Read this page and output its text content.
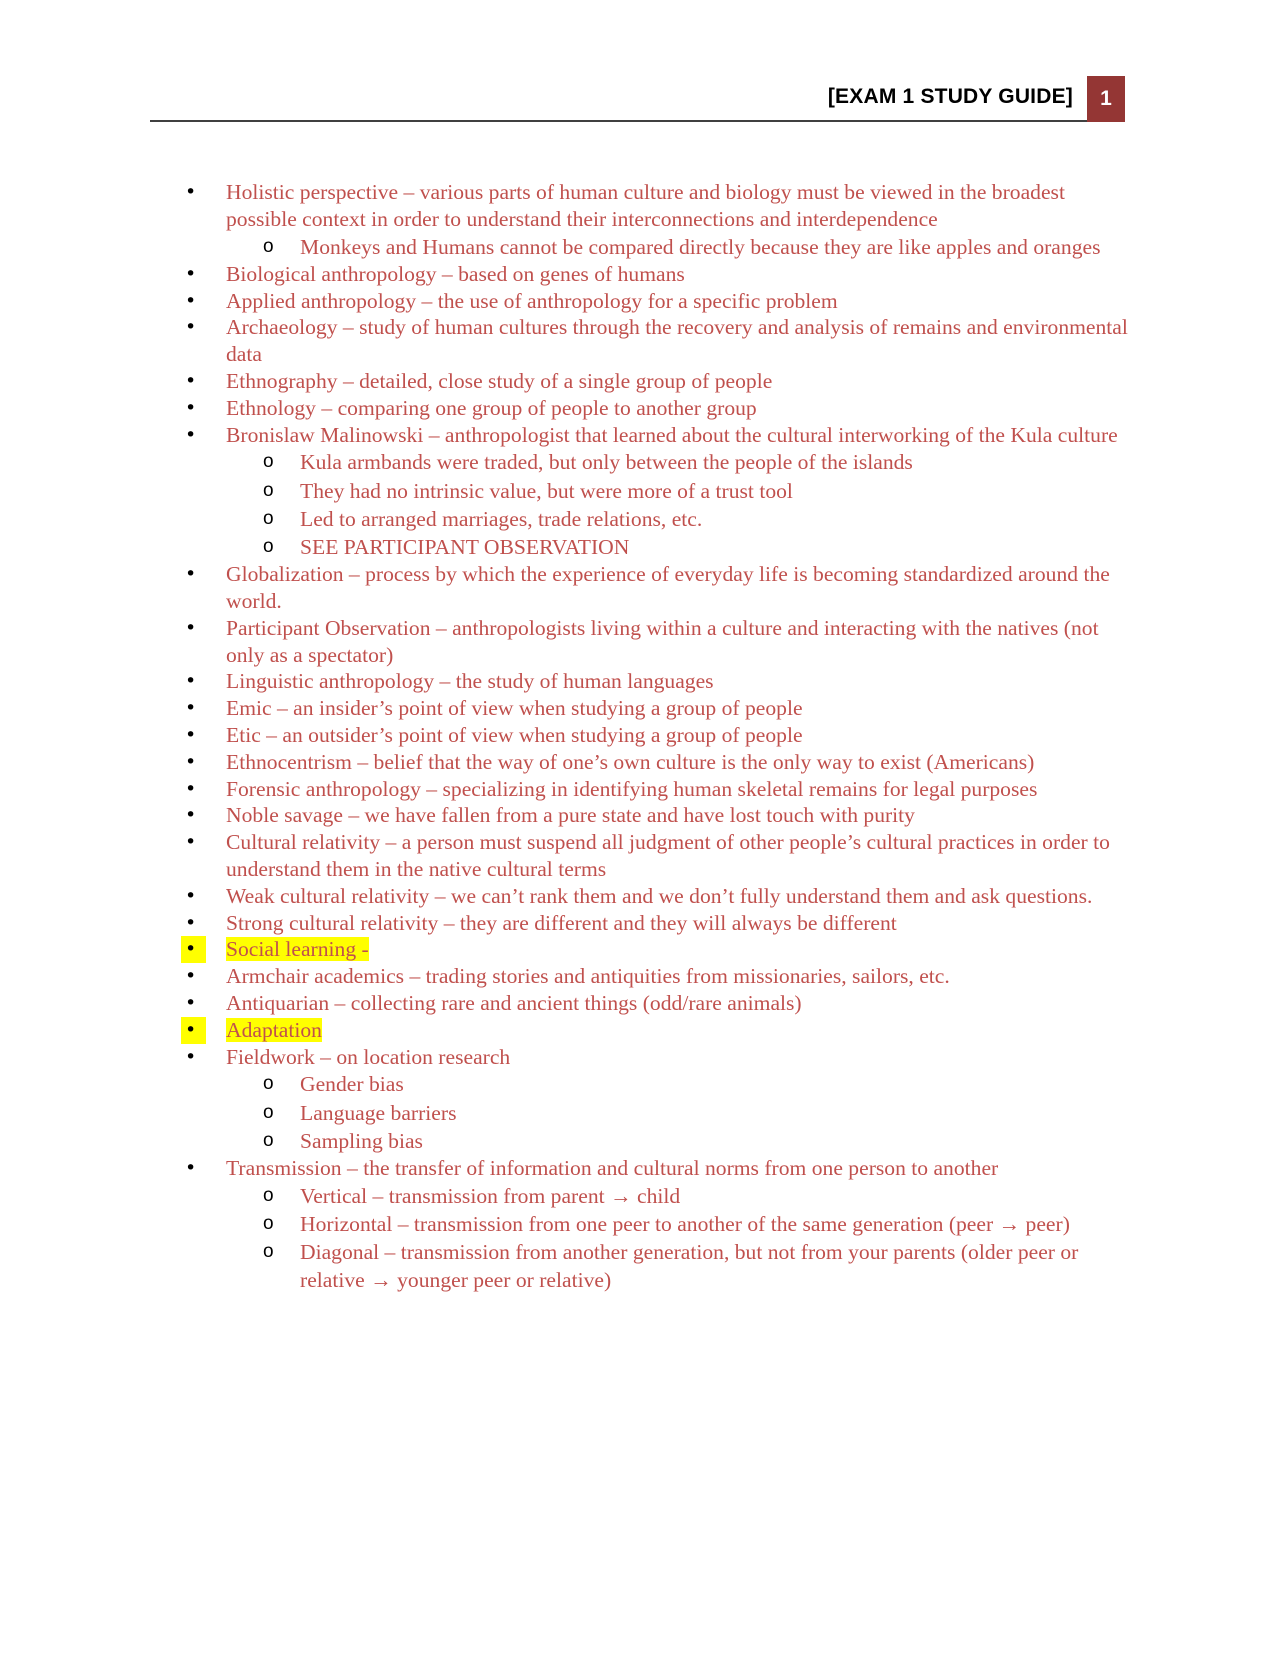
[EXAM 1 STUDY GUIDE]	1
• Holistic perspective – various parts of human culture and biology must be viewed in the broadest possible context in order to understand their interconnections and interdependence
o Monkeys and Humans cannot be compared directly because they are like apples and oranges
• Biological anthropology – based on genes of humans
• Applied anthropology – the use of anthropology for a specific problem
• Archaeology – study of human cultures through the recovery and analysis of remains and environmental data
• Ethnography – detailed, close study of a single group of people
• Ethnology – comparing one group of people to another group
• Bronislaw Malinowski – anthropologist that learned about the cultural interworking of the Kula culture
o Kula armbands were traded, but only between the people of the islands
o They had no intrinsic value, but were more of a trust tool
o Led to arranged marriages, trade relations, etc.
o SEE PARTICIPANT OBSERVATION
• Globalization – process by which the experience of everyday life is becoming standardized around the world.
• Participant Observation – anthropologists living within a culture and interacting with the natives (not only as a spectator)
• Linguistic anthropology – the study of human languages
• Emic – an insider’s point of view when studying a group of people
• Etic – an outsider’s point of view when studying a group of people
• Ethnocentrism – belief that the way of one’s own culture is the only way to exist (Americans)
• Forensic anthropology – specializing in identifying human skeletal remains for legal purposes
• Noble savage – we have fallen from a pure state and have lost touch with purity
• Cultural relativity – a person must suspend all judgment of other people’s cultural practices in order to understand them in the native cultural terms
• Weak cultural relativity – we can’t rank them and we don’t fully understand them and ask questions.
• Strong cultural relativity – they are different and they will always be different
•	Social learning -
• Armchair academics – trading stories and antiquities from missionaries, sailors, etc.
• Antiquarian – collecting rare and ancient things (odd/rare animals)
•	Adaptation
• Fieldwork – on location research
o Gender bias
o Language barriers
o Sampling bias
• Transmission – the transfer of information and cultural norms from one person to another
o Vertical – transmission from parent → child
o Horizontal – transmission from one peer to another of the same generation (peer → peer)
o Diagonal – transmission from another generation, but not from your parents (older peer or relative → younger peer or relative)
